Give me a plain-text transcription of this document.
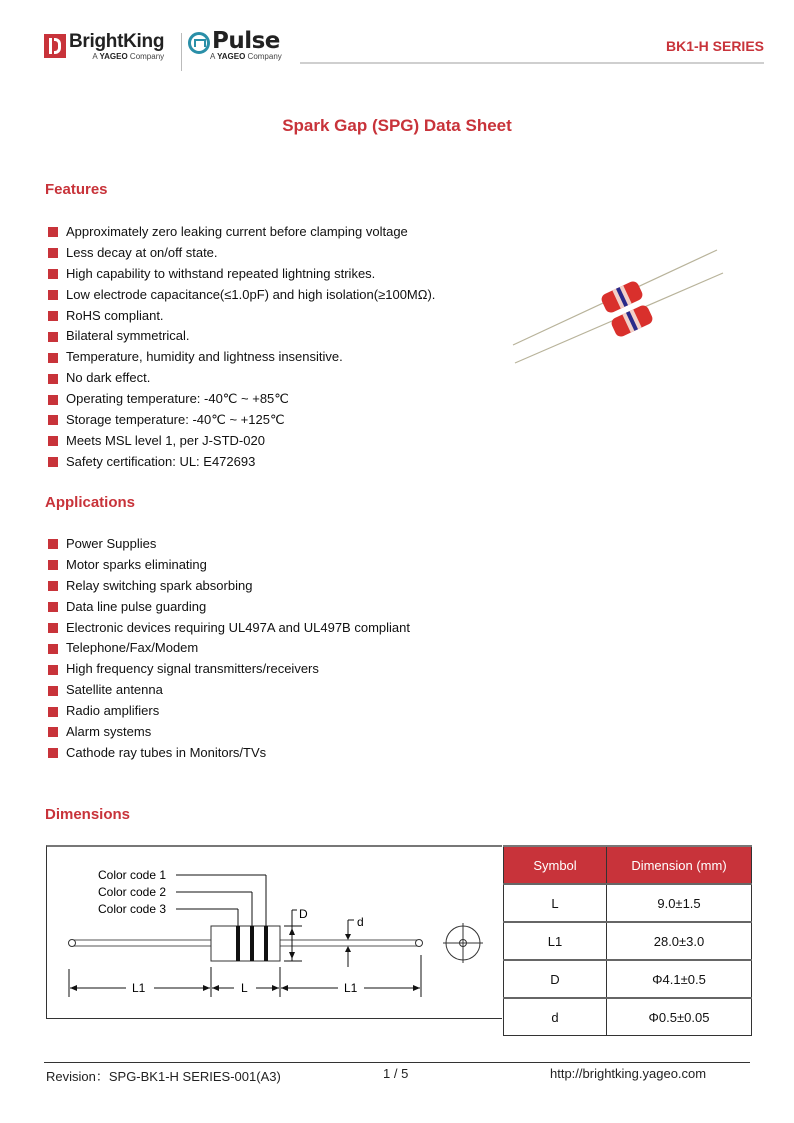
BrightKing
A YAGEO Company
Pulse
A YAGEO Company
BK1-H SERIES
Spark Gap (SPG) Data Sheet
Features
Approximately zero leaking current before clamping voltage
Less decay at on/off state.
High capability to withstand repeated lightning strikes.
Low electrode capacitance(≤1.0pF) and high isolation(≥100MΩ).
RoHS compliant.
Bilateral symmetrical.
Temperature, humidity and lightness insensitive.
No dark effect.
Operating temperature: -40℃ ~ +85℃
Storage temperature: -40℃ ~ +125℃
Meets MSL level 1, per J-STD-020
Safety certification: UL: E472693
Applications
Power Supplies
Motor sparks eliminating
Relay switching spark absorbing
Data line pulse guarding
Electronic devices requiring UL497A and UL497B compliant
Telephone/Fax/Modem
High frequency signal transmitters/receivers
Satellite antenna
Radio amplifiers
Alarm systems
Cathode ray tubes in Monitors/TVs
Dimensions
Color code 1
Color code 2
Color code 3	D
d
L1	L	L1
Symbol	Dimension (mm)
L	9.0±1.5
L1	28.0±3.0
D	Φ4.1±0.5
d	Φ0.5±0.05
Revision：SPG-BK1-H SERIES-001(A3)	1 / 5	http://brightking.yageo.com
